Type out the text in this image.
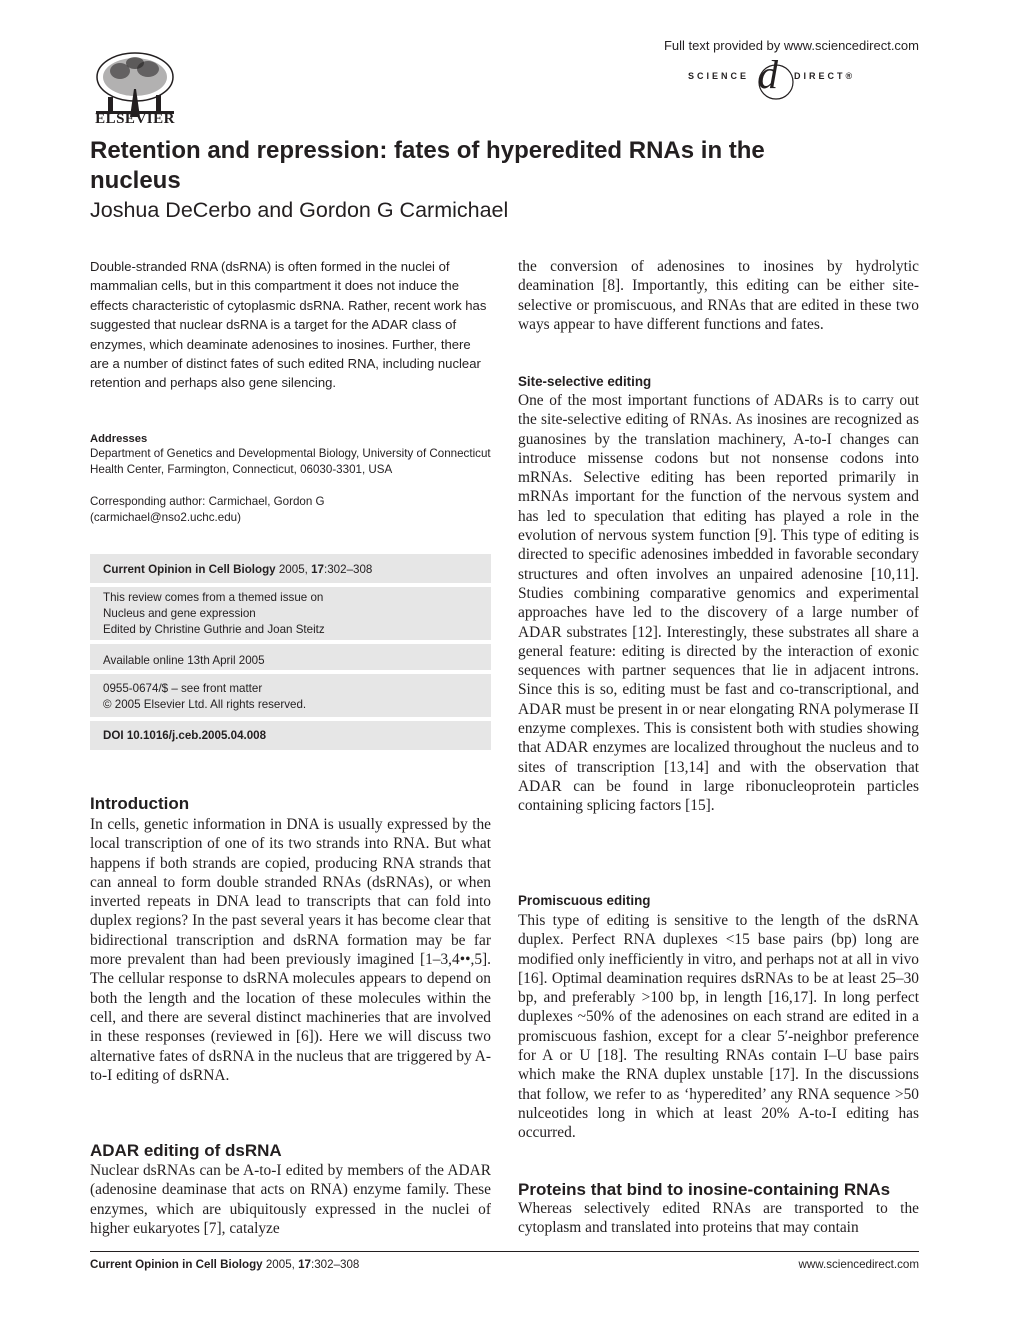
ELSEVIER
Full text provided by www.sciencedirect.com
SCIENCE d DIRECT®
Retention and repression: fates of hyperedited RNAs in the nucleus
Joshua DeCerbo and Gordon G Carmichael

Double-stranded RNA (dsRNA) is often formed in the nuclei of mammalian cells, but in this compartment it does not induce the effects characteristic of cytoplasmic dsRNA. Rather, recent work has suggested that nuclear dsRNA is a target for the ADAR class of enzymes, which deaminate adenosines to inosines. Further, there are a number of distinct fates of such edited RNA, including nuclear retention and perhaps also gene silencing.

Addresses

Department of Genetics and Developmental Biology, University of Connecticut Health Center, Farmington, Connecticut, 06030-3301, USA

Corresponding author: Carmichael, Gordon G

(carmichael@nso2.uchc.edu)

Current Opinion in Cell Biology 2005, 17:302–308
This review comes from a themed issue on
Nucleus and gene expression
Edited by Christine Guthrie and Joan Steitz
Available online 13th April 2005
0955-0674/$ – see front matter
© 2005 Elsevier Ltd. All rights reserved.
DOI 10.1016/j.ceb.2005.04.008
Introduction

In cells, genetic information in DNA is usually expressed by the local transcription of one of its two strands into RNA. But what happens if both strands are copied, producing RNA strands that can anneal to form double stranded RNAs (dsRNAs), or when inverted repeats in DNA lead to transcripts that can fold into duplex regions? In the past several years it has become clear that bidirectional transcription and dsRNA formation may be far more prevalent than had been previously imagined [1–3,4••,5]. The cellular response to dsRNA molecules appears to depend on both the length and the location of these molecules within the cell, and there are several distinct machineries that are involved in these responses (reviewed in [6]). Here we will discuss two alternative fates of dsRNA in the nucleus that are triggered by A-to-I editing of dsRNA.

ADAR editing of dsRNA

Nuclear dsRNAs can be A-to-I edited by members of the ADAR (adenosine deaminase that acts on RNA) enzyme family. These enzymes, which are ubiquitously expressed in the nuclei of higher eukaryotes [7], catalyze

the conversion of adenosines to inosines by hydrolytic deamination [8]. Importantly, this editing can be either site-selective or promiscuous, and RNAs that are edited in these two ways appear to have different functions and fates.

Site-selective editing

One of the most important functions of ADARs is to carry out the site-selective editing of RNAs. As inosines are recognized as guanosines by the translation machinery, A-to-I changes can introduce missense codons but not nonsense codons into mRNAs. Selective editing has been reported primarily in mRNAs important for the function of the nervous system and has led to speculation that editing has played a role in the evolution of nervous system function [9]. This type of editing is directed to specific adenosines imbedded in favorable secondary structures and often involves an unpaired adenosine [10,11]. Studies combining comparative genomics and experimental approaches have led to the discovery of a large number of ADAR substrates [12]. Interestingly, these substrates all share a general feature: editing is directed by the interaction of exonic sequences with partner sequences that lie in adjacent introns. Since this is so, editing must be fast and co-transcriptional, and ADAR must be present in or near elongating RNA polymerase II enzyme complexes. This is consistent both with studies showing that ADAR enzymes are localized throughout the nucleus and to sites of transcription [13,14] and with the observation that ADAR can be found in large ribonucleoprotein particles containing splicing factors [15].

Promiscuous editing

This type of editing is sensitive to the length of the dsRNA duplex. Perfect RNA duplexes <15 base pairs (bp) long are modified only inefficiently in vitro, and perhaps not at all in vivo [16]. Optimal deamination requires dsRNAs to be at least 25–30 bp, and preferably >100 bp, in length [16,17]. In long perfect duplexes ~50% of the adenosines on each strand are edited in a promiscuous fashion, except for a clear 5′-neighbor preference for A or U [18]. The resulting RNAs contain I–U base pairs which make the RNA duplex unstable [17]. In the discussions that follow, we refer to as ‘hyperedited’ any RNA sequence >50 nulceotides long in which at least 20% A-to-I editing has occurred.

Proteins that bind to inosine-containing RNAs

Whereas selectively edited RNAs are transported to the cytoplasm and translated into proteins that may contain

Current Opinion in Cell Biology 2005, 17:302–308	www.sciencedirect.com
